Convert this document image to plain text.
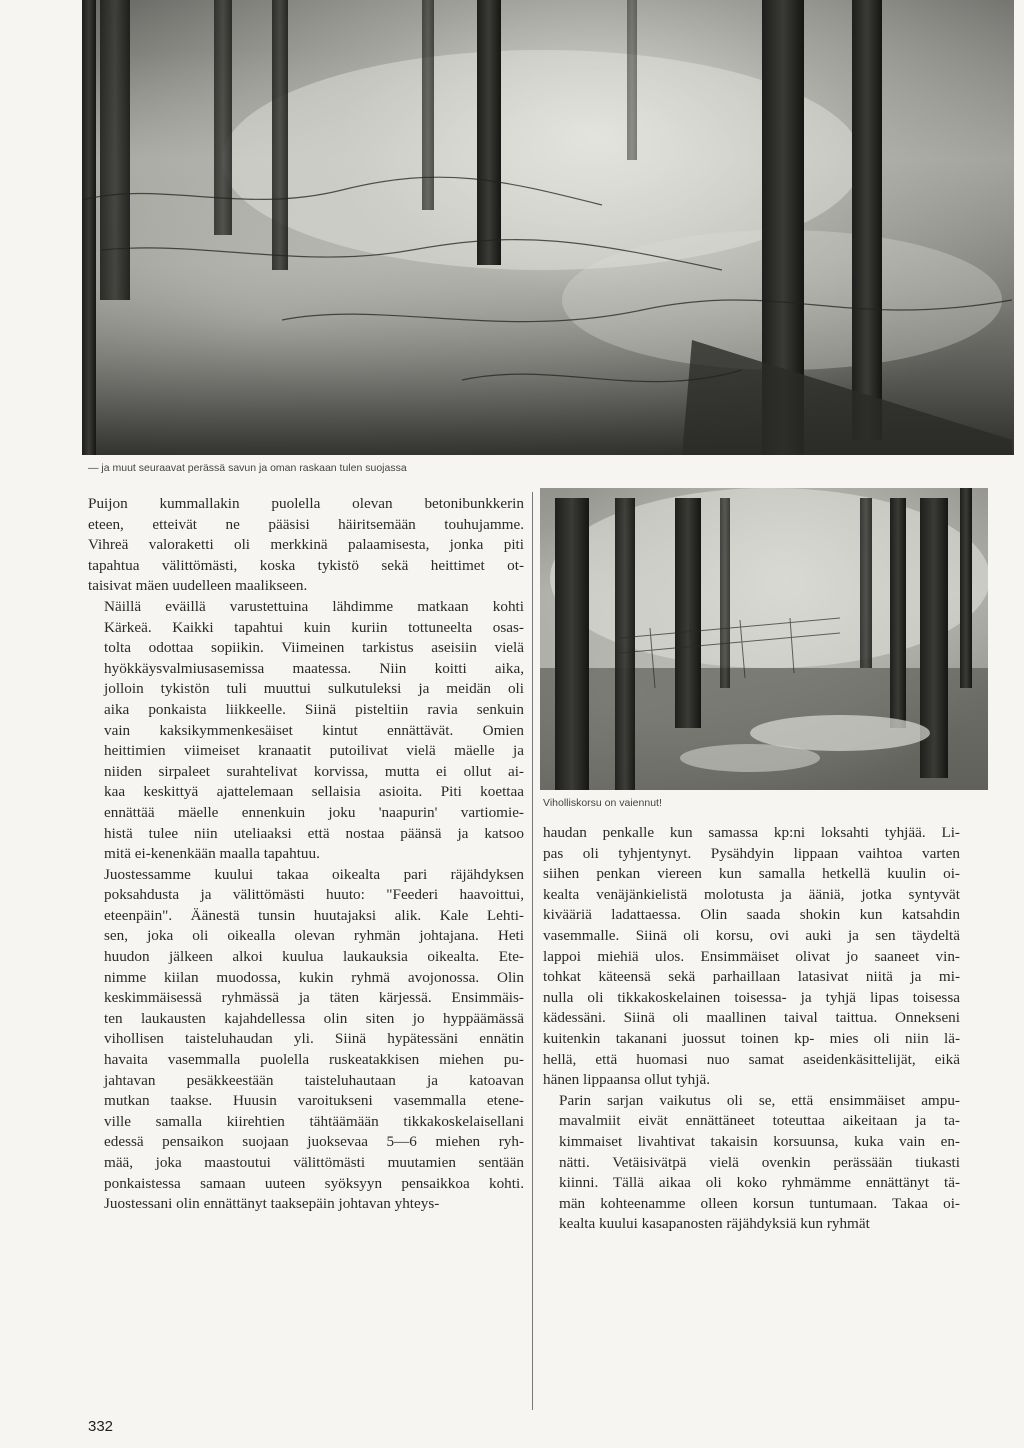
— ja muut seuraavat perässä savun ja oman raskaan tulen suojassa

Puijon kummallakin puolella olevan betonibunkkerin
eteen, etteivät ne pääsisi häiritsemään touhujamme.
Vihreä valoraketti oli merkkinä palaamisesta, jonka piti
tapahtua välittömästi, koska tykistö sekä heittimet ot-
taisivat mäen uudelleen maalikseen.

Näillä eväillä varustettuina lähdimme matkaan kohti
Kärkeä. Kaikki tapahtui kuin kuriin tottuneelta osas-
tolta odottaa sopiikin. Viimeinen tarkistus aseisiin vielä
hyökkäysvalmiusasemissa maatessa. Niin koitti aika,
jolloin tykistön tuli muuttui sulkutuleksi ja meidän oli
aika ponkaista liikkeelle. Siinä pisteltiin ravia senkuin
vain kaksikymmenkesäiset kintut ennättävät. Omien
heittimien viimeiset kranaatit putoilivat vielä mäelle ja
niiden sirpaleet surahtelivat korvissa, mutta ei ollut ai-
kaa keskittyä ajattelemaan sellaisia asioita. Piti koettaa
ennättää mäelle ennenkuin joku 'naapurin' vartiomie-
histä tulee niin uteliaaksi että nostaa päänsä ja katsoo
mitä ei-kenenkään maalla tapahtuu.

Juostessamme kuului takaa oikealta pari räjähdyksen
poksahdusta ja välittömästi huuto: "Feederi haavoittui,
eteenpäin". Äänestä tunsin huutajaksi alik. Kale Lehti-
sen, joka oli oikealla olevan ryhmän johtajana. Heti
huudon jälkeen alkoi kuulua laukauksia oikealta. Ete-
nimme kiilan muodossa, kukin ryhmä avojonossa. Olin
keskimmäisessä ryhmässä ja täten kärjessä. Ensimmäis-
ten laukausten kajahdellessa olin siten jo hyppäämässä
vihollisen taisteluhaudan yli. Siinä hypätessäni ennätin
havaita vasemmalla puolella ruskeatakkisen miehen pu-
jahtavan pesäkkeestään taisteluhautaan ja katoavan
mutkan taakse. Huusin varoitukseni vasemmalla etene-
ville samalla kiirehtien tähtäämään tikkakoskelaisellani
edessä pensaikon suojaan juoksevaa 5—6 miehen ryh-
mää, joka maastoutui välittömästi muutamien sentään
ponkaistessa samaan uuteen syöksyyn pensaikkoa kohti.
Juostessani olin ennättänyt taaksepäin johtavan yhteys-

Viholliskorsu on vaiennut!

haudan penkalle kun samassa kp:ni loksahti tyhjää. Li-
pas oli tyhjentynyt. Pysähdyin lippaan vaihtoa varten
siihen penkan viereen kun samalla hetkellä kuulin oi-
kealta venäjänkielistä molotusta ja ääniä, jotka syntyvät
kivääriä ladattaessa. Olin saada shokin kun katsahdin
vasemmalle. Siinä oli korsu, ovi auki ja sen täydeltä
lappoi miehiä ulos. Ensimmäiset olivat jo saaneet vin-
tohkat käteensä sekä parhaillaan latasivat niitä ja mi-
nulla oli tikkakoskelainen toisessa- ja tyhjä lipas toisessa
kädessäni. Siinä oli maallinen taival taittua. Onnekseni
kuitenkin takanani juossut toinen kp- mies oli niin lä-
hellä, että huomasi nuo samat aseidenkäsittelijät, eikä
hänen lippaansa ollut tyhjä.

Parin sarjan vaikutus oli se, että ensimmäiset ampu-
mavalmiit eivät ennättäneet toteuttaa aikeitaan ja ta-
kimmaiset livahtivat takaisin korsuunsa, kuka vain en-
nätti. Vetäisivätpä vielä ovenkin perässään tiukasti
kiinni. Tällä aikaa oli koko ryhmämme ennättänyt tä-
män kohteenamme olleen korsun tuntumaan. Takaa oi-
kealta kuului kasapanosten räjähdyksiä kun ryhmät

332
